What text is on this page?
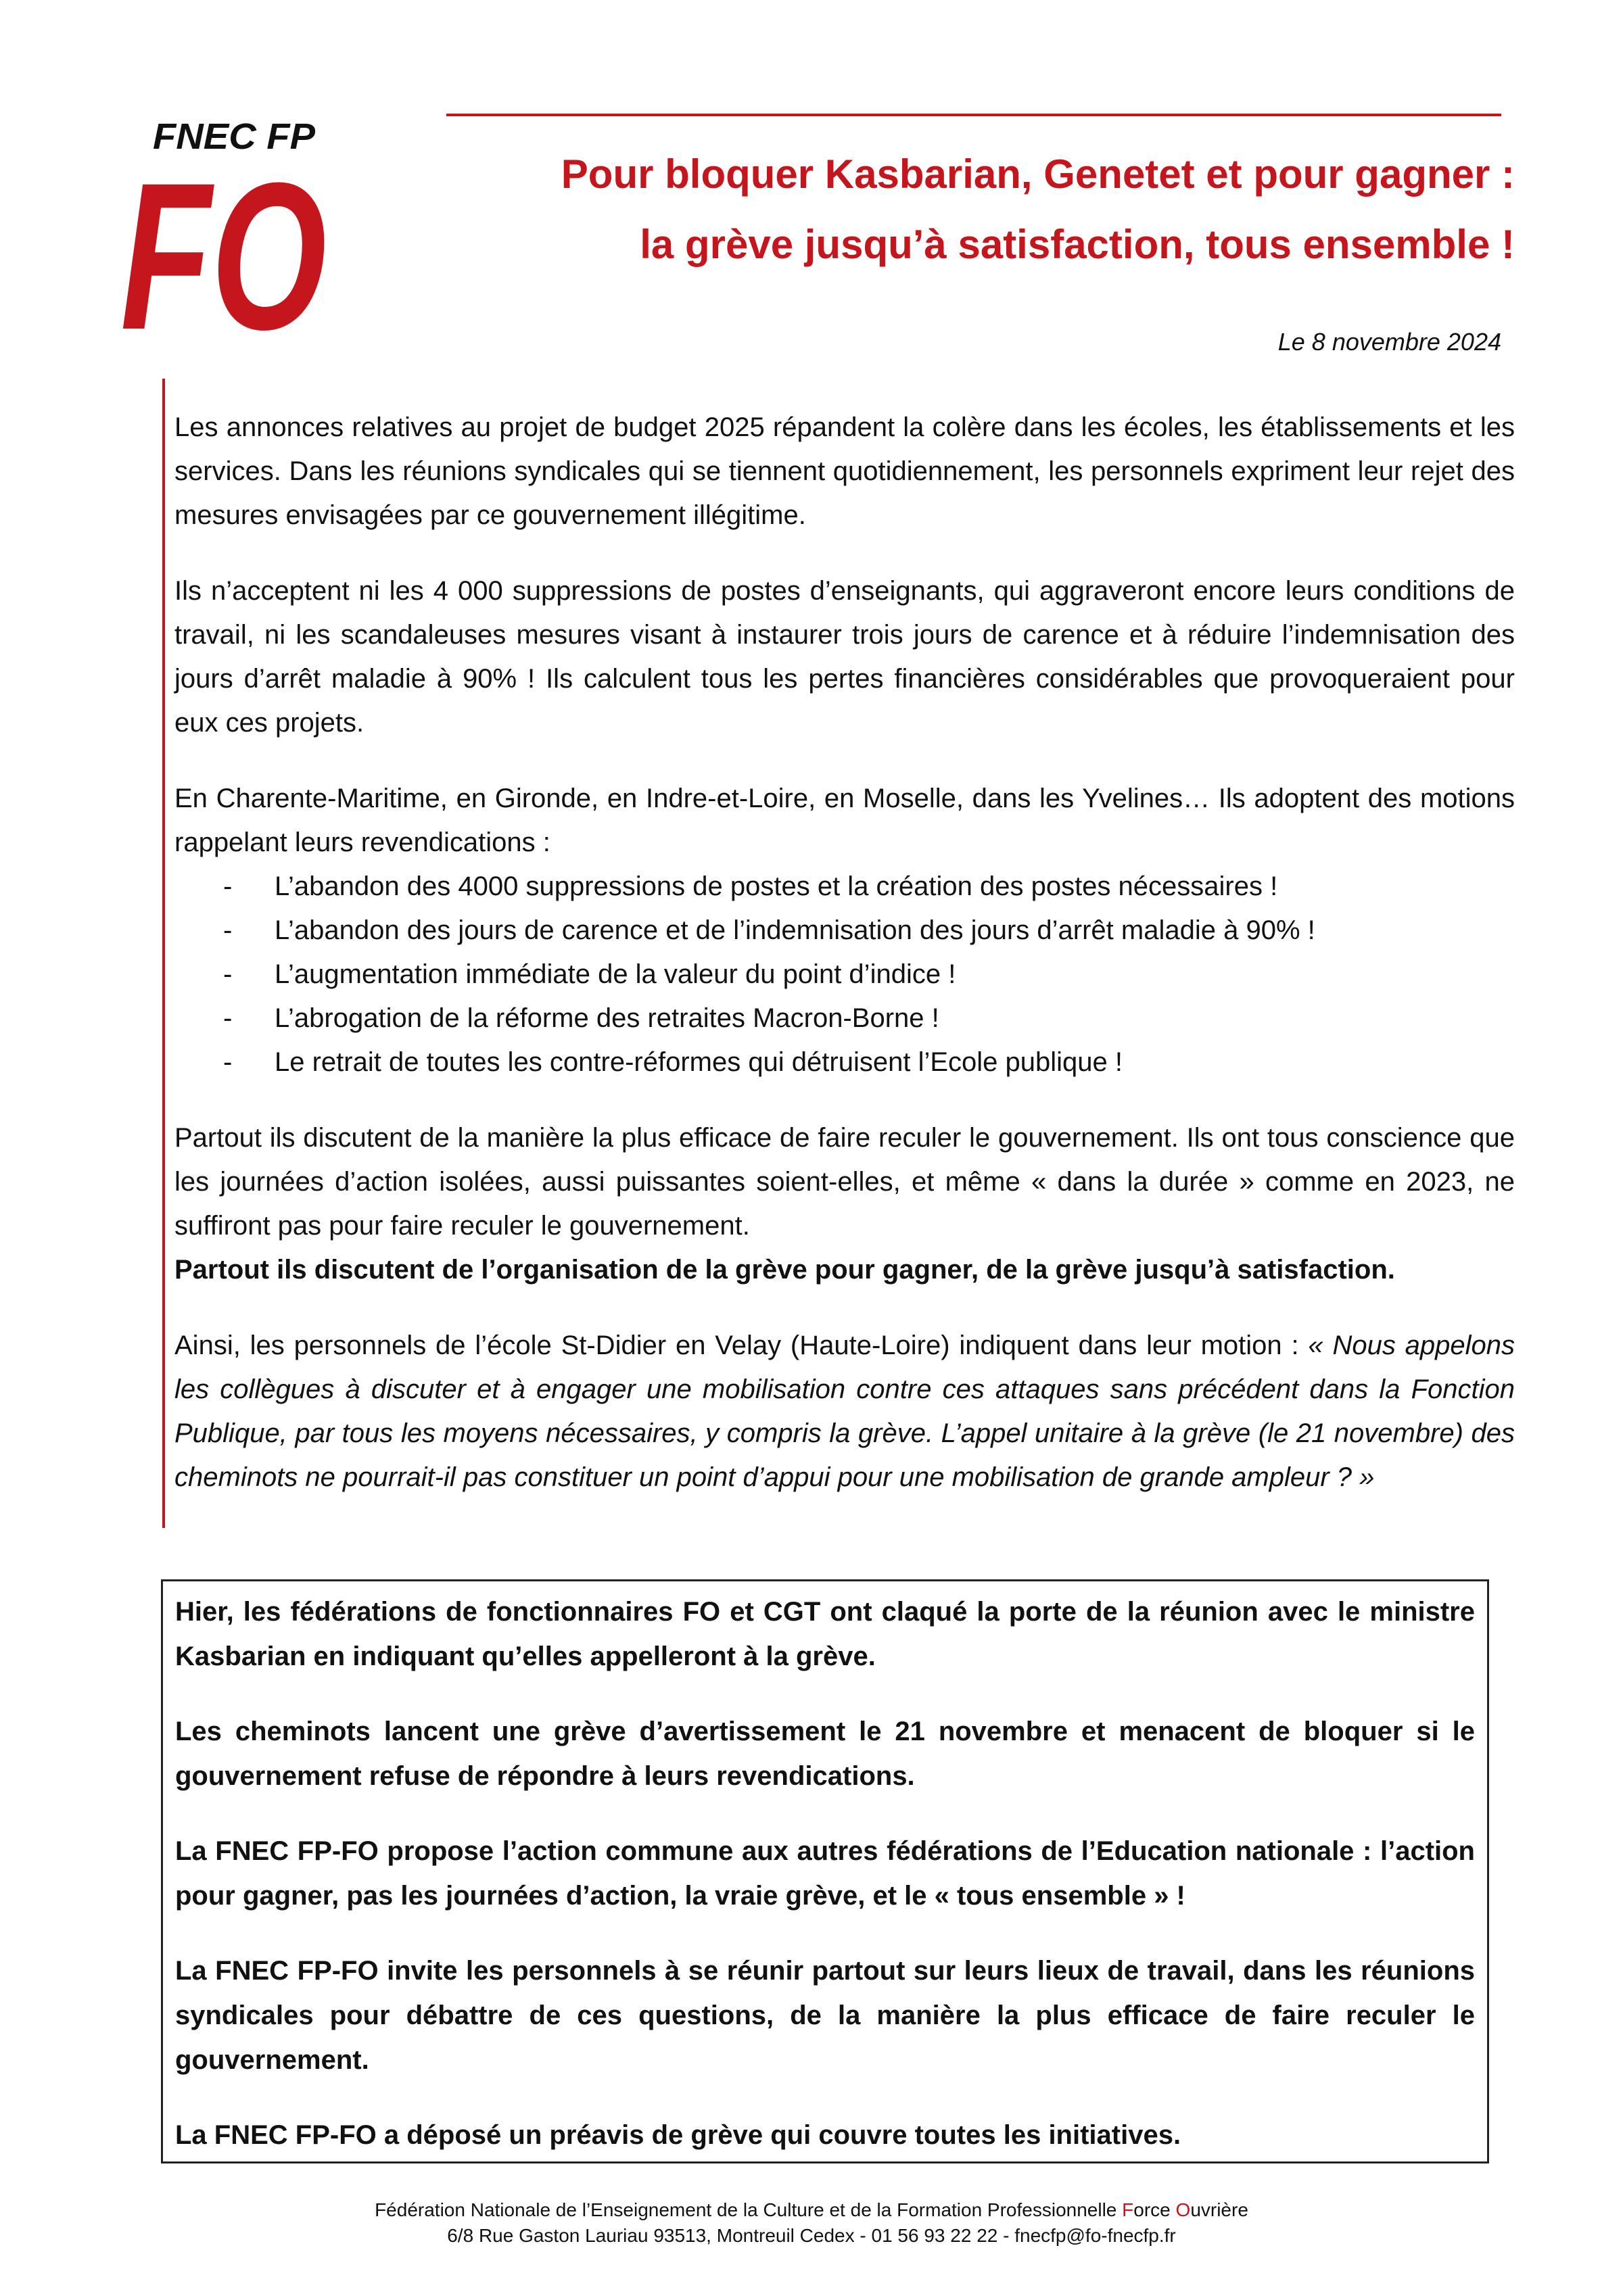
FNEC FP
FO	Pour bloquer Kasbarian, Genetet et pour gagner :
la grève jusqu’à satisfaction, tous ensemble !
Le 8 novembre 2024

Les annonces relatives au projet de budget 2025 répandent la colère dans les écoles, les établissements et les services. Dans les réunions syndicales qui se tiennent quotidiennement, les personnels expriment leur rejet des mesures envisagées par ce gouvernement illégitime.

Ils n’acceptent ni les 4 000 suppressions de postes d’enseignants, qui aggraveront encore leurs conditions de travail, ni les scandaleuses mesures visant à instaurer trois jours de carence et à réduire l’indemnisation des jours d’arrêt maladie à 90% ! Ils calculent tous les pertes financières considérables que provoqueraient pour eux ces projets.

En Charente-Maritime, en Gironde, en Indre-et-Loire, en Moselle, dans les Yvelines… Ils adoptent des motions rappelant leurs revendications :

- L’abandon des 4000 suppressions de postes et la création des postes nécessaires !
- L’abandon des jours de carence et de l’indemnisation des jours d’arrêt maladie à 90% !
- L’augmentation immédiate de la valeur du point d’indice !
- L’abrogation de la réforme des retraites Macron-Borne !
- Le retrait de toutes les contre-réformes qui détruisent l’Ecole publique !

Partout ils discutent de la manière la plus efficace de faire reculer le gouvernement. Ils ont tous conscience que les journées d’action isolées, aussi puissantes soient-elles, et même « dans la durée » comme en 2023, ne suffiront pas pour faire reculer le gouvernement.

Partout ils discutent de l’organisation de la grève pour gagner, de la grève jusqu’à satisfaction.

Ainsi, les personnels de l’école St-Didier en Velay (Haute-Loire) indiquent dans leur motion : « Nous appelons les collègues à discuter et à engager une mobilisation contre ces attaques sans précédent dans la Fonction Publique, par tous les moyens nécessaires, y compris la grève. L’appel unitaire à la grève (le 21 novembre) des cheminots ne pourrait-il pas constituer un point d’appui pour une mobilisation de grande ampleur ? »

Hier, les fédérations de fonctionnaires FO et CGT ont claqué la porte de la réunion avec le ministre Kasbarian en indiquant qu’elles appelleront à la grève.

Les cheminots lancent une grève d’avertissement le 21 novembre et menacent de bloquer si le gouvernement refuse de répondre à leurs revendications.

La FNEC FP-FO propose l’action commune aux autres fédérations de l’Education nationale : l’action pour gagner, pas les journées d’action, la vraie grève, et le « tous ensemble » !

La FNEC FP-FO invite les personnels à se réunir partout sur leurs lieux de travail, dans les réunions syndicales pour débattre de ces questions, de la manière la plus efficace de faire reculer le gouvernement.

La FNEC FP-FO a déposé un préavis de grève qui couvre toutes les initiatives.

Fédération Nationale de l’Enseignement de la Culture et de la Formation Professionnelle Force Ouvrière
6/8 Rue Gaston Lauriau 93513, Montreuil Cedex - 01 56 93 22 22 - fnecfp@fo-fnecfp.fr
